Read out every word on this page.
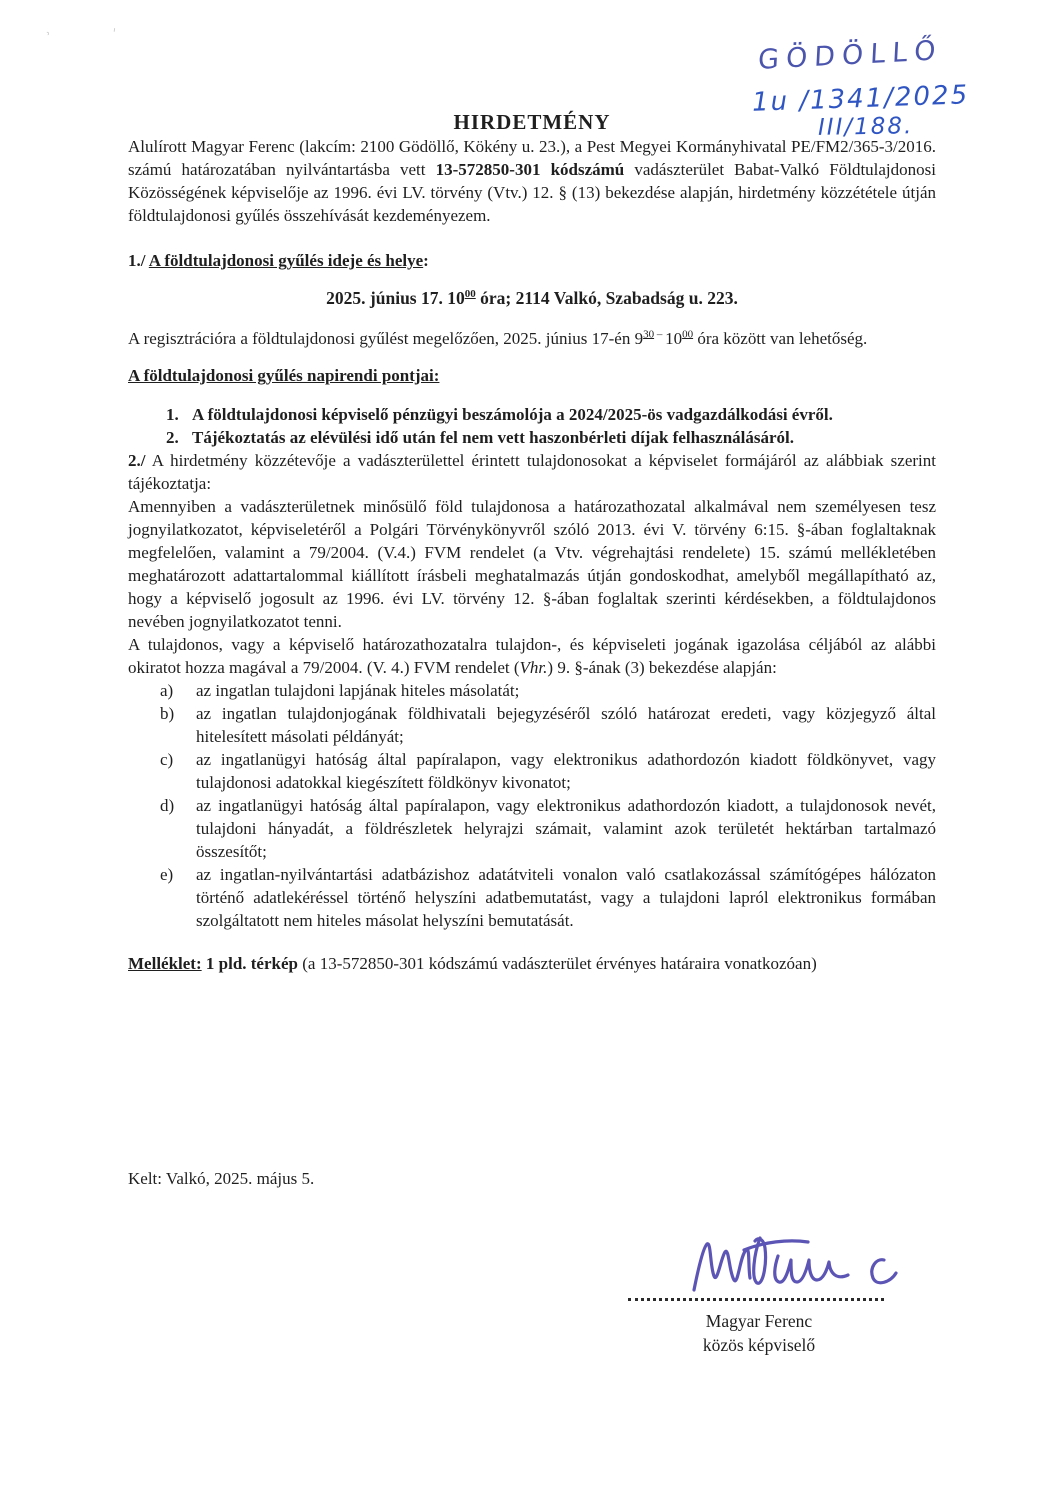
ʾ	ˈ
GÖDÖLLŐ
1u /1341/2025
III/188.
HIRDETMÉNY

Alulírott Magyar Ferenc (lakcím: 2100 Gödöllő, Kökény u. 23.), a Pest Megyei Kormányhivatal PE/FM2/365-3/2016. számú határozatában nyilvántartásba vett 13-572850-301 kódszámú vadászterület Babat-Valkó Földtulajdonosi Közösségének képviselője az 1996. évi LV. törvény (Vtv.) 12. § (13) bekezdése alapján, hirdetmény közzététele útján földtulajdonosi gyűlés összehívását kezdeményezem.

1./ A földtulajdonosi gyűlés ideje és helye:

2025. június 17. $10^{00}$ óra; 2114 Valkó, Szabadság u. 223.

A regisztrációra a földtulajdonosi gyűlést megelőzően, 2025. június 17-én $9^{30}$ – $10^{00}$ óra között van lehetőség.

A földtulajdonosi gyűlés napirendi pontjai:

1. A földtulajdonosi képviselő pénzügyi beszámolója a 2024/2025-ös vadgazdálkodási évről.
2. Tájékoztatás az elévülési idő után fel nem vett haszonbérleti díjak felhasználásáról.

2./ A hirdetmény közzétevője a vadászterülettel érintett tulajdonosokat a képviselet formájáról az alábbiak szerint tájékoztatja:
Amennyiben a vadászterületnek minősülő föld tulajdonosa a határozathozatal alkalmával nem személyesen tesz jognyilatkozatot, képviseletéről a Polgári Törvénykönyvről szóló 2013. évi V. törvény 6:15. §-ában foglaltaknak megfelelően, valamint a 79/2004. (V.4.) FVM rendelet (a Vtv. végrehajtási rendelete) 15. számú mellékletében meghatározott adattartalommal kiállított írásbeli meghatalmazás útján gondoskodhat, amelyből megállapítható az, hogy a képviselő jogosult az 1996. évi LV. törvény 12. §-ában foglaltak szerinti kérdésekben, a földtulajdonos nevében jognyilatkozatot tenni.

A tulajdonos, vagy a képviselő határozathozatalra tulajdon-, és képviseleti jogának igazolása céljából az alábbi okiratot hozza magával a 79/2004. (V. 4.) FVM rendelet (Vhr.) 9. §-ának (3) bekezdése alapján:

a)	az ingatlan tulajdoni lapjának hiteles másolatát;
b)	az ingatlan tulajdonjogának földhivatali bejegyzéséről szóló határozat eredeti, vagy közjegyző által hitelesített másolati példányát;
c)	az ingatlanügyi hatóság által papíralapon, vagy elektronikus adathordozón kiadott földkönyvet, vagy tulajdonosi adatokkal kiegészített földkönyv kivonatot;
d)	az ingatlanügyi hatóság által papíralapon, vagy elektronikus adathordozón kiadott, a tulajdonosok nevét, tulajdoni hányadát, a földrészletek helyrajzi számait, valamint azok területét hektárban tartalmazó összesítőt;
e)	az ingatlan-nyilvántartási adatbázishoz adatátviteli vonalon való csatlakozással számítógépes hálózaton történő adatlekéréssel történő helyszíni adatbemutatást, vagy a tulajdoni lapról elektronikus formában szolgáltatott nem hiteles másolat helyszíni bemutatását.

Melléklet: 1 pld. térkép (a 13-572850-301 kódszámú vadászterület érvényes határaira vonatkozóan)

Kelt: Valkó, 2025. május 5.

Magyar Ferenc
közös képviselő
